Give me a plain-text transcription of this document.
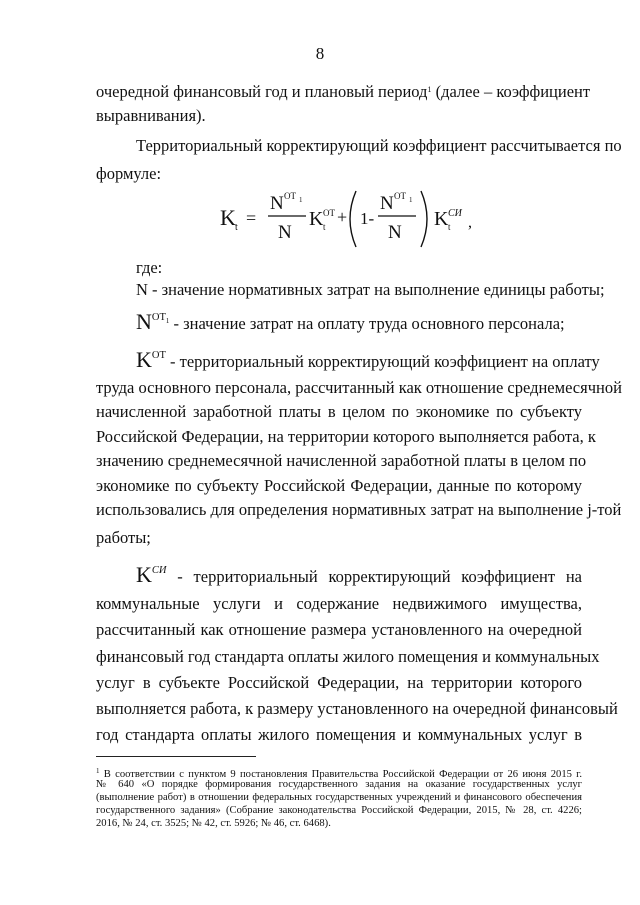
8
очередной финансовый год и плановый период$^1$ (далее – коэффициент
выравнивания).
Территориальный корректирующий коэффициент рассчитывается по
формуле:
K t =
N OT 1
N
K OT
t + 1-
N OT 1
N
K СИ
t ,
где:
N - значение нормативных затрат на выполнение единицы работы;
$N^{OT_1}$ - значение затрат на оплату труда основного персонала;
$K^{OT}$ - территориальный корректирующий коэффициент на оплату
труда основного персонала, рассчитанный как отношение среднемесячной
начисленной заработной платы в целом по экономике по субъекту
Российской Федерации, на территории которого выполняется работа, к
значению среднемесячной начисленной заработной платы в целом по
экономике по субъекту Российской Федерации, данные по которому
использовались для определения нормативных затрат на выполнение j-той
работы;
$K^{СИ}$ - территориальный корректирующий коэффициент на
коммунальные услуги и содержание недвижимого имущества,
рассчитанный как отношение размера установленного на очередной
финансовый год стандарта оплаты жилого помещения и коммунальных
услуг в субъекте Российской Федерации, на территории которого
выполняется работа, к размеру установленного на очередной финансовый
год стандарта оплаты жилого помещения и коммунальных услуг в
$^1$ В соответствии с пунктом 9 постановления Правительства Российской Федерации от 26 июня 2015 г.
№ 640 «О порядке формирования государственного задания на оказание государственных услуг
(выполнение работ) в отношении федеральных государственных учреждений и финансового обеспечения
государственного задания» (Собрание законодательства Российской Федерации, 2015, № 28, ст. 4226;
2016, № 24, ст. 3525; № 42, ст. 5926; № 46, ст. 6468).
